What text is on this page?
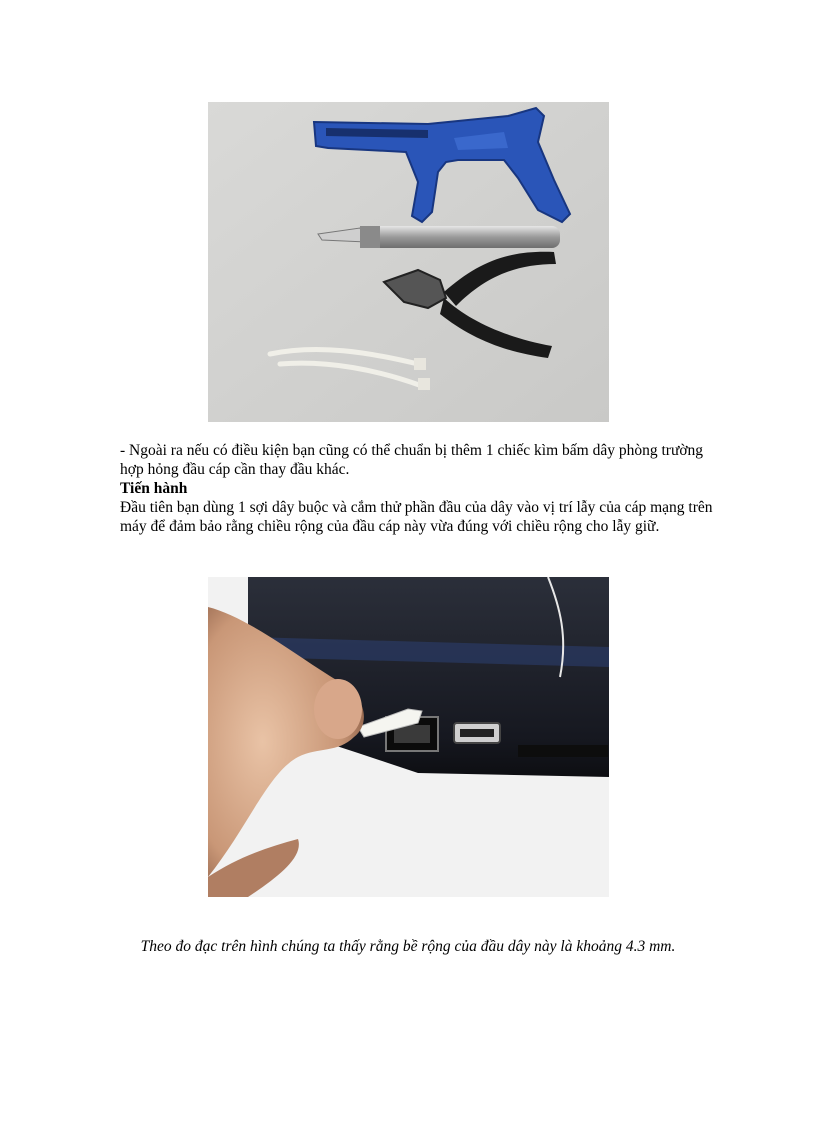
- Ngoài ra nếu có điều kiện bạn cũng có thể chuẩn bị thêm 1 chiếc kìm bấm dây phòng trường hợp hỏng đầu cáp cần thay đầu khác.

Tiến hành

Đầu tiên bạn dùng 1 sợi dây buộc và cắm thử phần đầu của dây vào vị trí lẫy của cáp mạng trên máy để đảm bảo rằng chiều rộng của đầu cáp này vừa đúng với chiều rộng cho lẫy giữ.

Theo đo đạc trên hình chúng ta thấy rằng bề rộng của đầu dây này là khoảng 4.3 mm.
